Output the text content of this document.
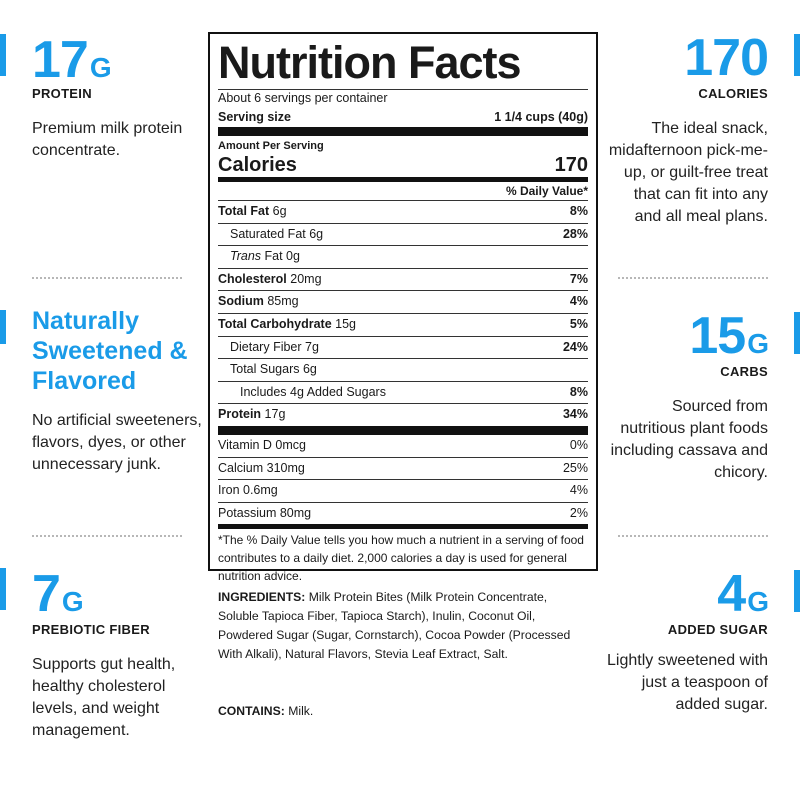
17G
PROTEIN
Premium milk protein concentrate.
Naturally Sweetened & Flavored
No artificial sweeteners, flavors, dyes, or other unnecessary junk.
7G
PREBIOTIC FIBER
Supports gut health, healthy cholesterol levels, and weight management.
170
CALORIES
The ideal snack, midafternoon pick-me-up, or guilt-free treat that can fit into any and all meal plans.
15G
CARBS
Sourced from nutritious plant foods including cassava and chicory.
4G
ADDED SUGAR
Lightly sweetened with just a teaspoon of added sugar.
Nutrition Facts
About 6 servings per container
Serving size	1 1/4 cups (40g)
Amount Per Serving
Calories	170
% Daily Value*
Total Fat 6g	8%
Saturated Fat 6g	28%
Trans Fat 0g
Cholesterol 20mg	7%
Sodium 85mg	4%
Total Carbohydrate 15g	5%
Dietary Fiber 7g	24%
Total Sugars 6g
Includes 4g Added Sugars	8%
Protein 17g	34%
Vitamin D 0mcg	0%
Calcium 310mg	25%
Iron 0.6mg	4%
Potassium 80mg	2%
*The % Daily Value tells you how much a nutrient in a serving of food contributes to a daily diet. 2,000 calories a day is used for general nutrition advice.
INGREDIENTS: Milk Protein Bites (Milk Protein Concentrate, Soluble Tapioca Fiber, Tapioca Starch), Inulin, Coconut Oil, Powdered Sugar (Sugar, Cornstarch), Cocoa Powder (Processed With Alkali), Natural Flavors, Stevia Leaf Extract, Salt.
CONTAINS: Milk.
